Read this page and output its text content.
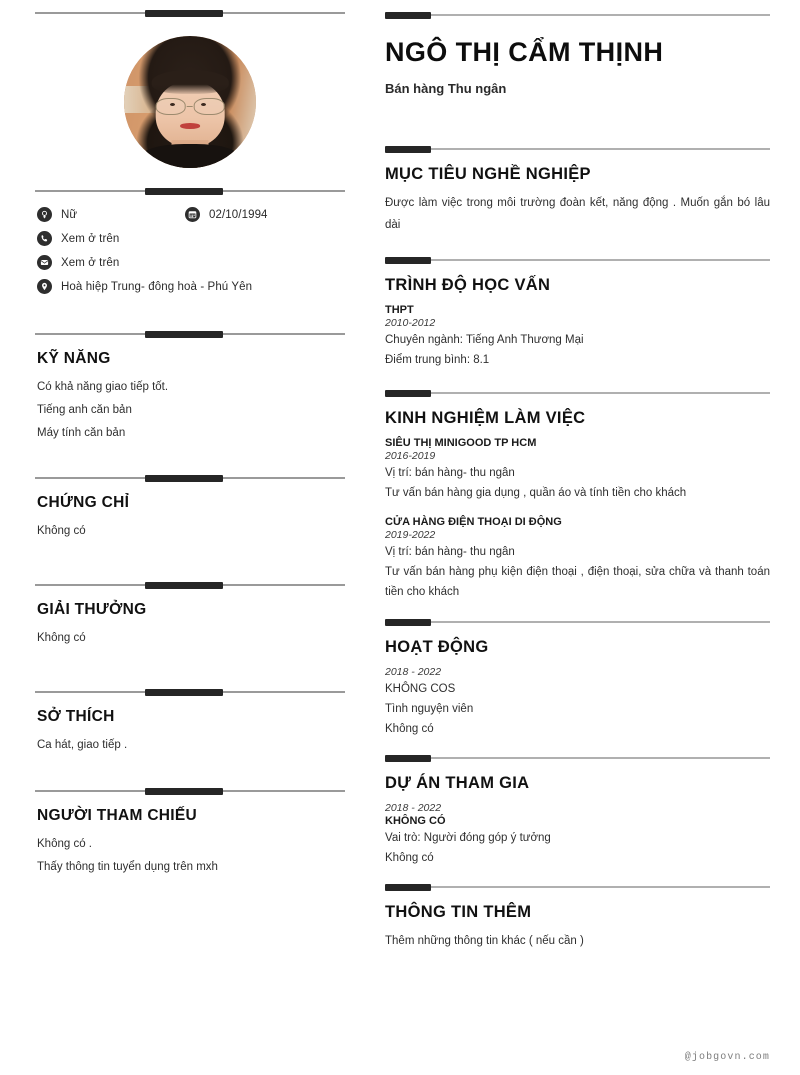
Nữ	02/10/1994
Xem ở trên
Xem ở trên
Hoà hiệp Trung- đông hoà - Phú Yên
KỸ NĂNG

Có khả năng giao tiếp tốt.

Tiếng anh căn bản

Máy tính căn bản

CHỨNG CHỈ

Không có

GIẢI THƯỞNG

Không có

SỞ THÍCH

Ca hát, giao tiếp .

NGƯỜI THAM CHIẾU

Không có .

Thấy thông tin tuyển dụng trên mxh

NGÔ THỊ CẨM THỊNH
Bán hàng Thu ngân
MỤC TIÊU NGHỀ NGHIỆP

Được làm việc trong môi trường đoàn kết, năng động . Muốn gắn bó lâu dài

TRÌNH ĐỘ HỌC VẤN
THPT
2010-2012
Chuyên ngành: Tiếng Anh Thương Mại
Điểm trung bình: 8.1
KINH NGHIỆM LÀM VIỆC
SIÊU THỊ MINIGOOD TP HCM
2016-2019
Vị trí: bán hàng- thu ngân
Tư vấn bán hàng gia dụng , quần áo và tính tiền cho khách
CỬA HÀNG ĐIỆN THOẠI DI ĐỘNG
2019-2022
Vị trí: bán hàng- thu ngân
Tư vấn bán hàng phụ kiện điện thoại , điện thoại, sửa chữa và thanh toán tiền cho khách
HOẠT ĐỘNG
2018 - 2022
KHÔNG COS
Tình nguyện viên
Không có
DỰ ÁN THAM GIA
2018 - 2022
KHÔNG CÓ
Vai trò: Người đóng góp ý tưởng
Không có
THÔNG TIN THÊM
Thêm những thông tin khác ( nếu cần )
@jobgovn.com
